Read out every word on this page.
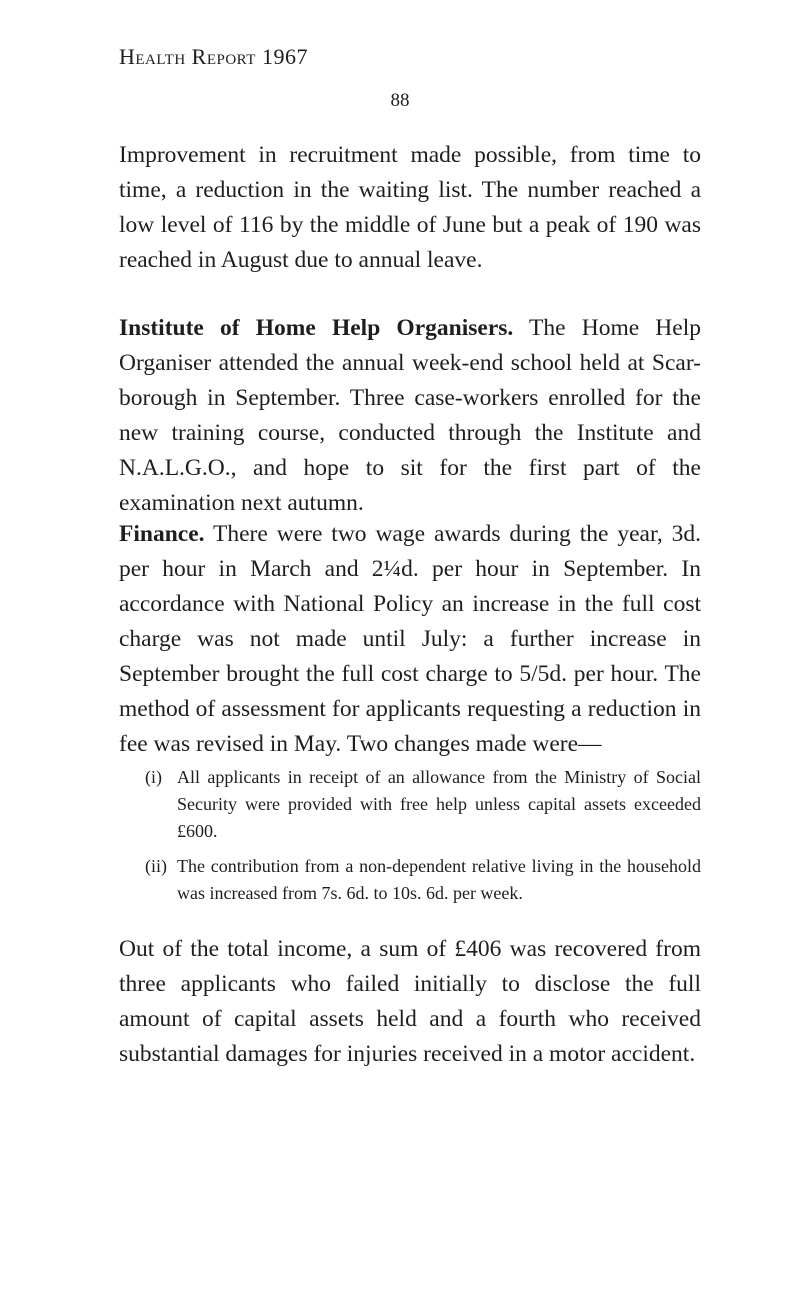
Health Report 1967
88

Improvement in recruitment made possible, from time to time, a reduction in the waiting list. The number reached a low level of 116 by the middle of June but a peak of 190 was reached in August due to annual leave.

Institute of Home Help Organisers. The Home Help Organiser attended the annual week-end school held at Scar-borough in September. Three case-workers enrolled for the new training course, conducted through the Institute and N.A.L.G.O., and hope to sit for the first part of the examination next autumn.

Finance. There were two wage awards during the year, 3d. per hour in March and 2¼d. per hour in September. In accordance with National Policy an increase in the full cost charge was not made until July: a further increase in September brought the full cost charge to 5/5d. per hour. The method of assessment for applicants requesting a reduction in fee was revised in May. Two changes made were—

(i) All applicants in receipt of an allowance from the Ministry of Social Security were provided with free help unless capital assets exceeded £600.
(ii) The contribution from a non-dependent relative living in the household was increased from 7s. 6d. to 10s. 6d. per week.

Out of the total income, a sum of £406 was recovered from three applicants who failed initially to disclose the full amount of capital assets held and a fourth who received substantial damages for injuries received in a motor accident.
